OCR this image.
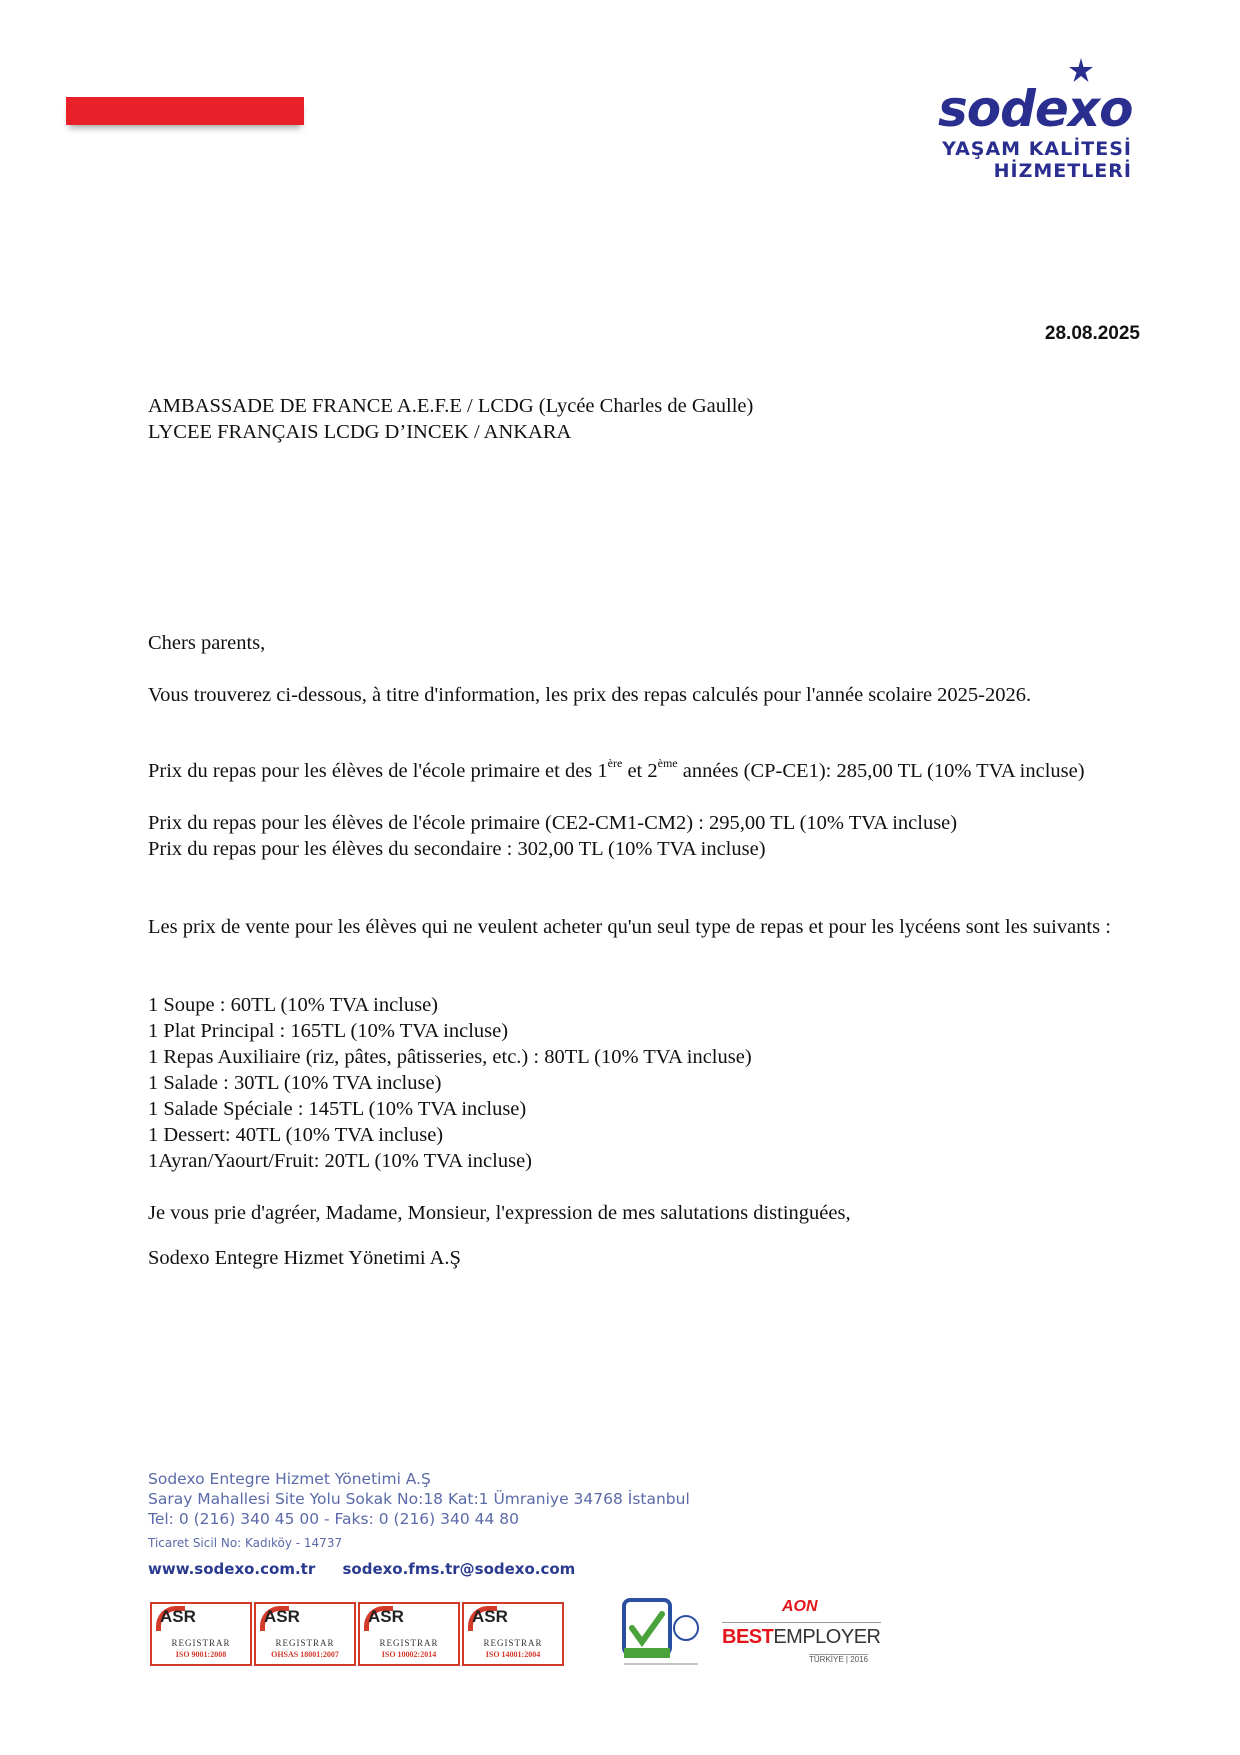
sodexo
YAŞAM KALİTESİ HİZMETLERİ
28.08.2025
AMBASSADE DE FRANCE A.E.F.E / LCDG (Lycée Charles de Gaulle)
LYCEE FRANÇAIS LCDG D’INCEK / ANKARA
Chers parents,
Vous trouverez ci-dessous, à titre d'information, les prix des repas calculés pour l'année scolaire 2025-2026.
Prix du repas pour les élèves de l'école primaire et des 1ère et 2ème années (CP-CE1): 285,00 TL (10% TVA incluse)
Prix du repas pour les élèves de l'école primaire (CE2-CM1-CM2) : 295,00 TL (10% TVA incluse)
Prix du repas pour les élèves du secondaire : 302,00 TL (10% TVA incluse)
Les prix de vente pour les élèves qui ne veulent acheter qu'un seul type de repas et pour les lycéens sont les suivants :
1 Soupe : 60TL (10% TVA incluse)
1 Plat Principal : 165TL (10% TVA incluse)
1 Repas Auxiliaire (riz, pâtes, pâtisseries, etc.) : 80TL (10% TVA incluse)
1 Salade : 30TL (10% TVA incluse)
1 Salade Spéciale : 145TL (10% TVA incluse)
1 Dessert: 40TL (10% TVA incluse)
1Ayran/Yaourt/Fruit: 20TL (10% TVA incluse)
Je vous prie d'agréer, Madame, Monsieur, l'expression de mes salutations distinguées,
Sodexo Entegre Hizmet Yönetimi A.Ş
Sodexo Entegre Hizmet Yönetimi A.Ş
Saray Mahallesi Site Yolu Sokak No:18 Kat:1 Ümraniye 34768 İstanbul
Tel: 0 (216) 340 45 00 - Faks: 0 (216) 340 44 80
Ticaret Sicil No: Kadıköy - 14737
www.sodexo.com.tr sodexo.fms.tr@sodexo.com
ASR
REGISTRAR
ISO 9001:2008
ASR
REGISTRAR
OHSAS 18001:2007
ASR
REGISTRAR
ISO 10002:2014
ASR
REGISTRAR
ISO 14001:2004
AON
BESTEMPLOYER
TÜRKİYE | 2016
